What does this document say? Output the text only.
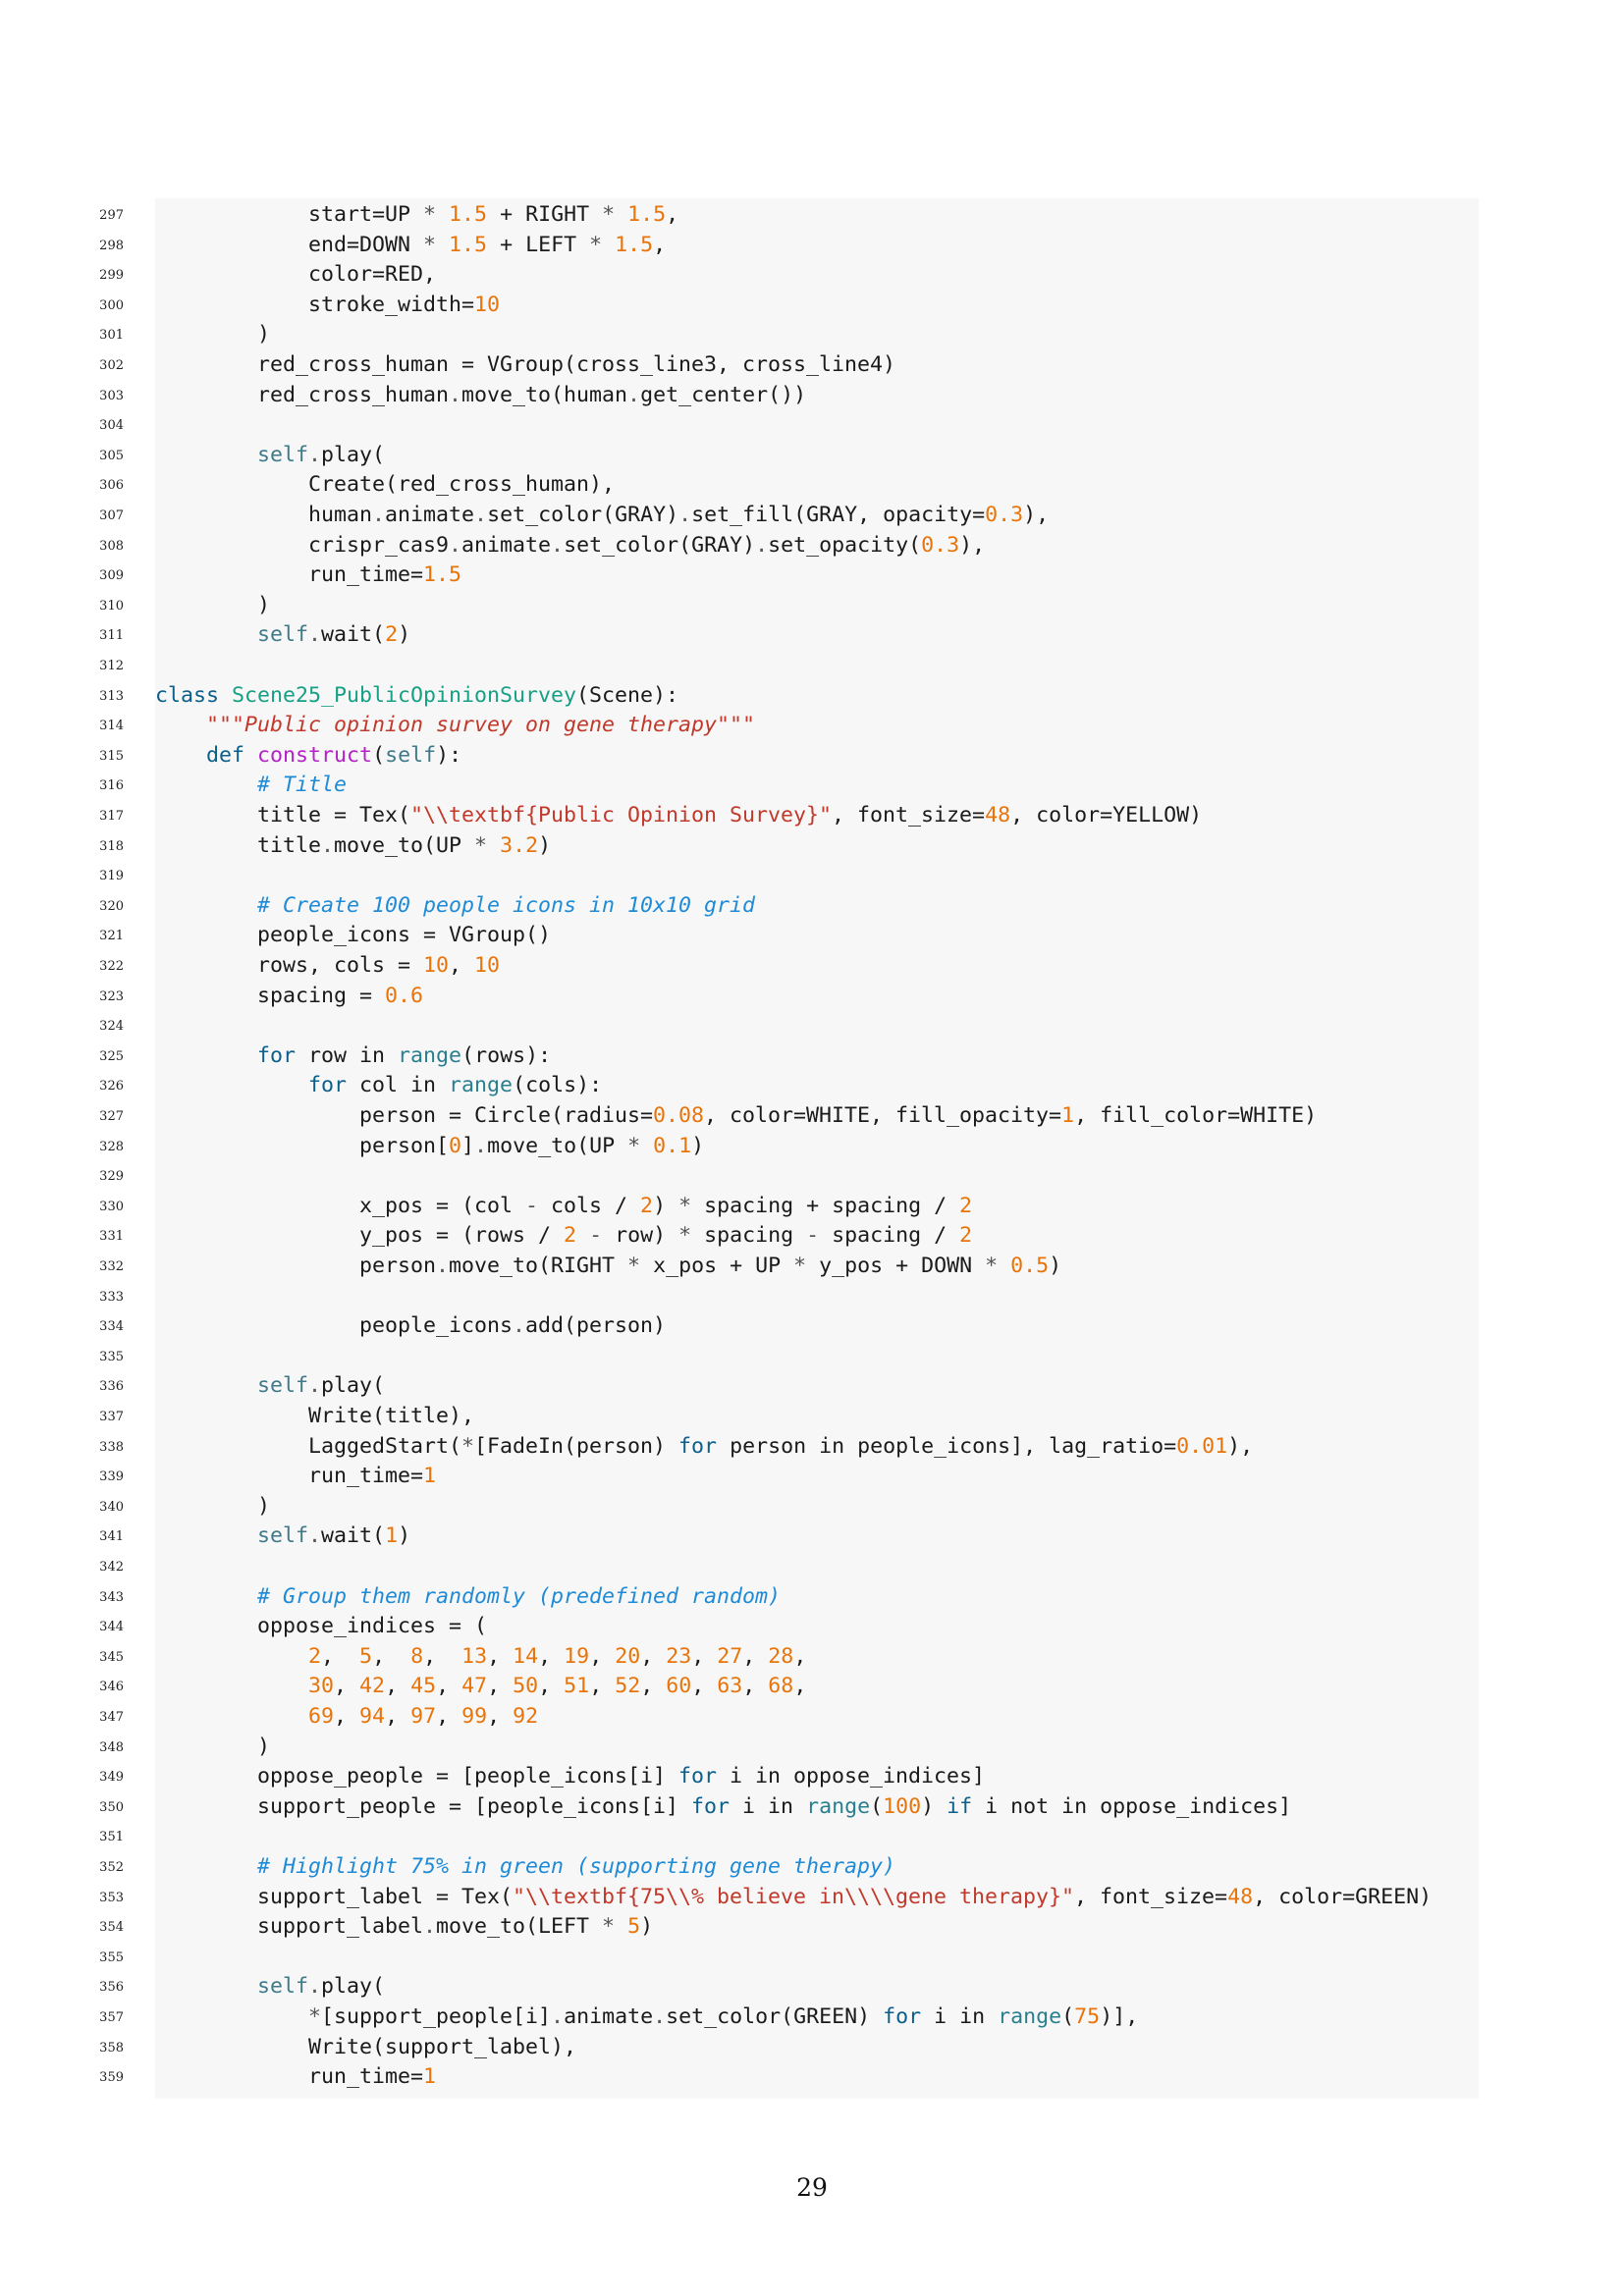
297 start=UP * 1.5 + RIGHT * 1.5,
298 end=DOWN * 1.5 + LEFT * 1.5,
299 color=RED,
300 stroke_width=10
301 )
302 red_cross_human = VGroup(cross_line3, cross_line4)
303 red_cross_human.move_to(human.get_center())
304
305	self.play(
306 Create(red_cross_human),
307 human.animate.set_color(GRAY).set_fill(GRAY, opacity=0.3),
308 crispr_cas9.animate.set_color(GRAY).set_opacity(0.3),
309 run_time=1.5
310 )
311	self.wait(2)
312
313 class Scene25_PublicOpinionSurvey(Scene):
314	"""Public opinion survey on gene therapy"""
315	def construct(self):
316	# Title
317 title = Tex("\\textbf{Public Opinion Survey}", font_size=48, color=YELLOW)
318 title.move_to(UP * 3.2)
319
320	# Create 100 people icons in 10x10 grid
321 people_icons = VGroup()
322 rows, cols = 10, 10
323 spacing = 0.6
324
325	for row in range(rows):
326	for col in range(cols):
327 person = Circle(radius=0.08, color=WHITE, fill_opacity=1, fill_color=WHITE)
328 person[0].move_to(UP * 0.1)
329
330 x_pos = (col - cols / 2) * spacing + spacing / 2
331 y_pos = (rows / 2 - row) * spacing - spacing / 2
332 person.move_to(RIGHT * x_pos + UP * y_pos + DOWN * 0.5)
333
334 people_icons.add(person)
335
336	self.play(
337 Write(title),
338 LaggedStart(*[FadeIn(person) for person in people_icons], lag_ratio=0.01),
339 run_time=1
340 )
341	self.wait(1)
342
343	# Group them randomly (predefined random)
344 oppose_indices = (
345	2,  5,  8,  13, 14, 19, 20, 23, 27, 28,
346	30, 42, 45, 47, 50, 51, 52, 60, 63, 68,
347	69, 94, 97, 99, 92
348 )
349 oppose_people = [people_icons[i] for i in oppose_indices]
350 support_people = [people_icons[i] for i in range(100) if i not in oppose_indices]
351
352	# Highlight 75% in green (supporting gene therapy)
353 support_label = Tex("\\textbf{75\\% believe in\\\\gene therapy}", font_size=48, color=GREEN)
354 support_label.move_to(LEFT * 5)
355
356	self.play(
357	*[support_people[i].animate.set_color(GREEN) for i in range(75)],
358 Write(support_label),
359 run_time=1
29
